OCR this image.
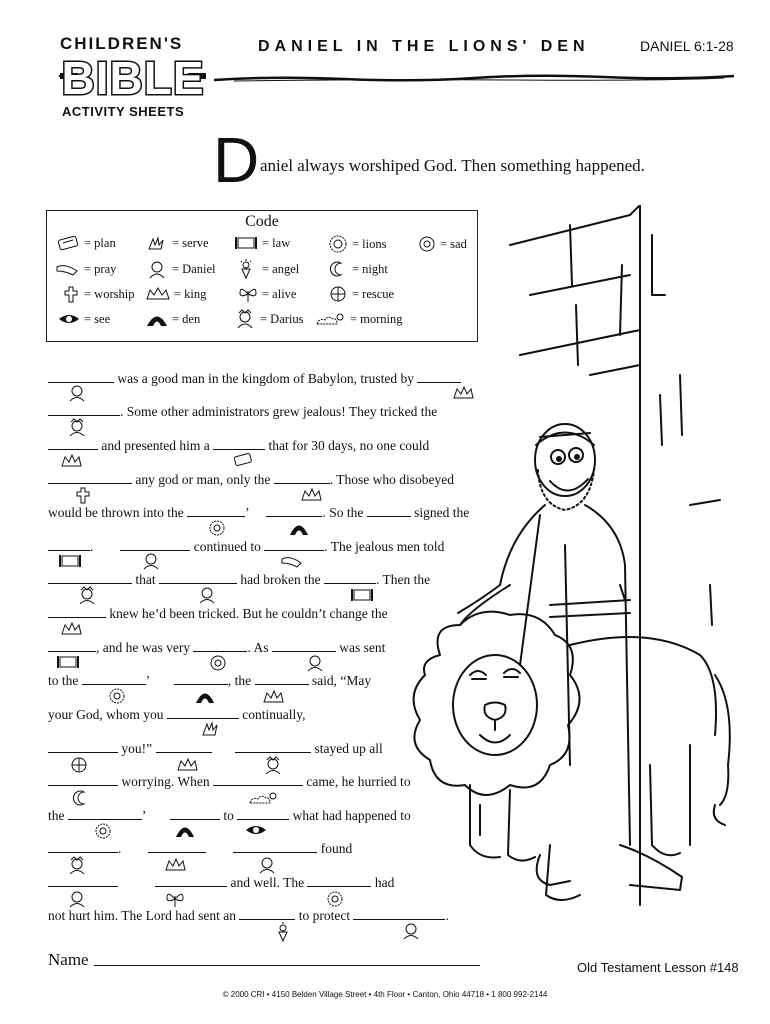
CHILDREN'S
BIBLE
ACTIVITY SHEETS
DANIEL IN THE LIONS' DEN	DANIEL 6:1-28
D aniel always worshiped God. Then something happened.
Code
= plan	= serve	= law	= lions	= sad
= pray	= Daniel	= angel	= night
= worship	= king	= alive	= rescue
= see	= den	= Darius	= morning
was a good man in the kingdom of Babylon, trusted by
. Some other administrators grew jealous! They tricked the
and presented him a	that for 30 days, no one could
any god or man, only the	. Those who disobeyed
would be thrown into the	’	. So the	signed the
.	continued to	. The jealous men told
that	had broken the	. Then the
knew he’d been tricked. But he couldn’t change the
, and he was very	. As	was sent
to the	’	, the	said, “May
your God, whom you	continually,
you!”	stayed up all
worrying. When	came, he hurried to
the	’	to	what had happened to
.	found
and well. The	had
not hurt him. The Lord had sent an	to protect	.
Name	Old Testament Lesson #148
© 2000 CRI • 4150 Belden Village Street • 4th Floor • Canton, Ohio 44718 • 1 800 992-2144
